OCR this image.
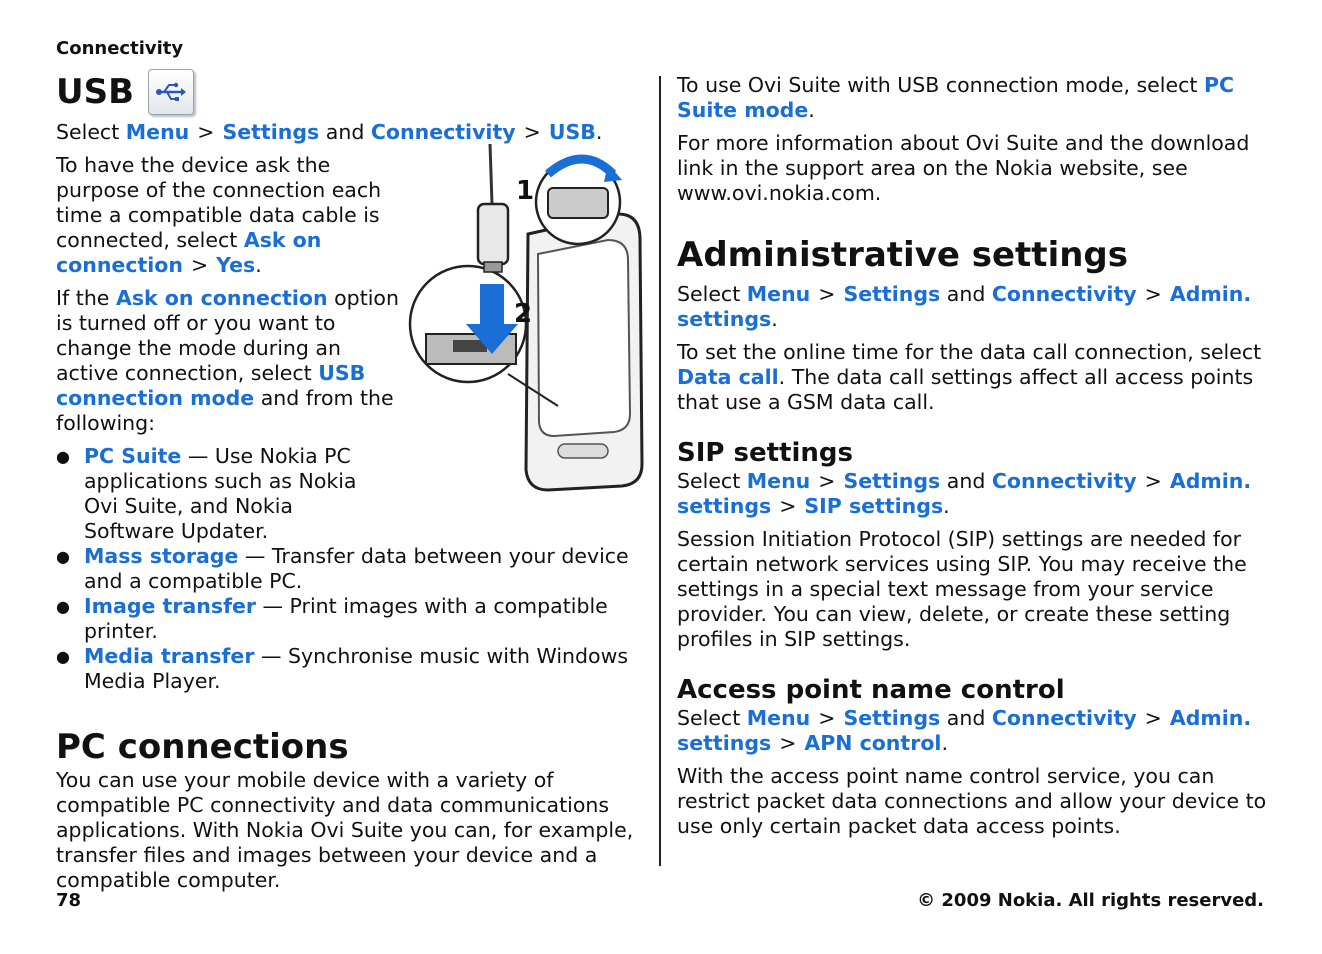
Connectivity
USB

Select Menu > Settings and Connectivity > USB.

To have the device ask the purpose of the connection each time a compatible data cable is connected, select Ask on connection > Yes.

If the Ask on connection option is turned off or you want to change the mode during an active connection, select USB connection mode and from the following:

● PC Suite — Use Nokia PC applications such as Nokia Ovi Suite, and Nokia Software Updater.
● Mass storage — Transfer data between your device and a compatible PC.
● Image transfer — Print images with a compatible printer.
● Media transfer — Synchronise music with Windows Media Player.
PC connections

You can use your mobile device with a variety of compatible PC connectivity and data communications applications. With Nokia Ovi Suite you can, for example, transfer files and images between your device and a compatible computer.

1
2

To use Ovi Suite with USB connection mode, select PC Suite mode.

For more information about Ovi Suite and the download link in the support area on the Nokia website, see www.ovi.nokia.com.

Administrative settings

Select Menu > Settings and Connectivity > Admin. settings.

To set the online time for the data call connection, select Data call. The data call settings affect all access points that use a GSM data call.

SIP settings

Select Menu > Settings and Connectivity > Admin. settings > SIP settings.

Session Initiation Protocol (SIP) settings are needed for certain network services using SIP. You may receive the settings in a special text message from your service provider. You can view, delete, or create these setting profiles in SIP settings.

Access point name control

Select Menu > Settings and Connectivity > Admin. settings > APN control.

With the access point name control service, you can restrict packet data connections and allow your device to use only certain packet data access points.

78	© 2009 Nokia. All rights reserved.
